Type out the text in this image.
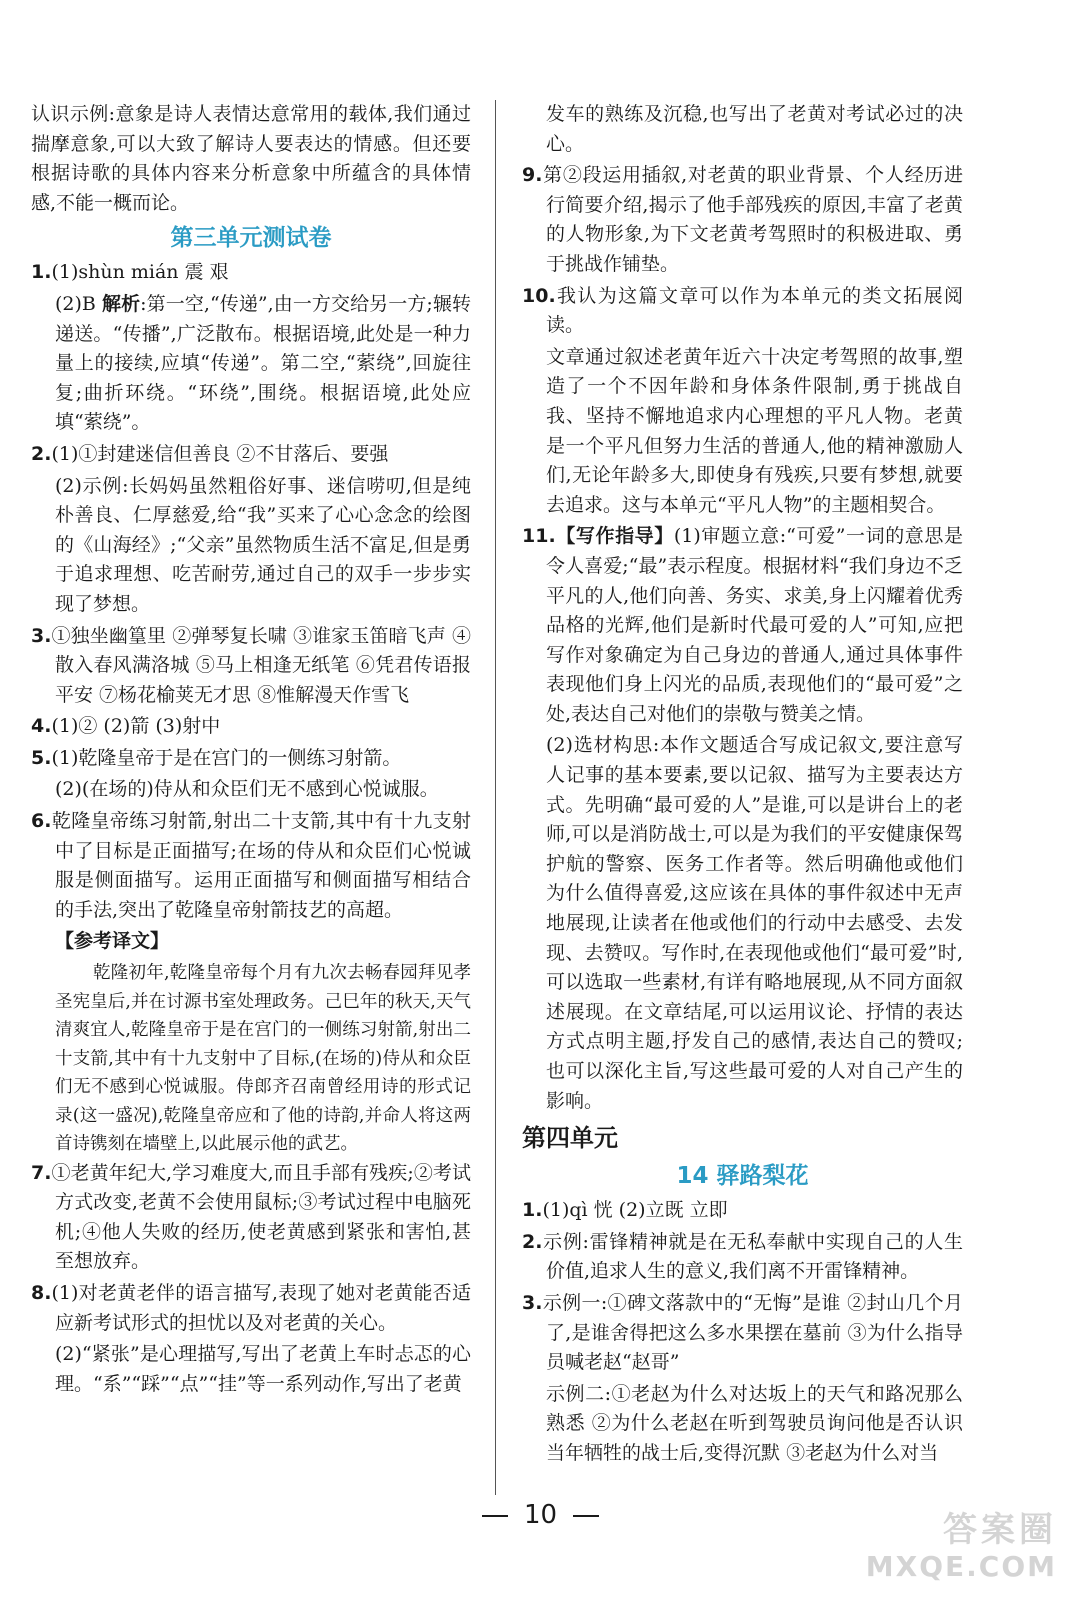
认识示例:意象是诗人表情达意常用的载体,我们通过揣摩意象,可以大致了解诗人要表达的情感。但还要根据诗歌的具体内容来分析意象中所蕴含的具体情感,不能一概而论。

第三单元测试卷

1.(1)shùn mián 震 艰

(2)B 解析:第一空,“传递”,由一方交给另一方;辗转递送。“传播”,广泛散布。根据语境,此处是一种力量上的接续,应填“传递”。第二空,“萦绕”,回旋往复;曲折环绕。“环绕”,围绕。根据语境,此处应填“萦绕”。

2.(1)①封建迷信但善良 ②不甘落后、要强

(2)示例:长妈妈虽然粗俗好事、迷信唠叨,但是纯朴善良、仁厚慈爱,给“我”买来了心心念念的绘图的《山海经》;“父亲”虽然物质生活不富足,但是勇于追求理想、吃苦耐劳,通过自己的双手一步步实现了梦想。

3.①独坐幽篁里 ②弹琴复长啸 ③谁家玉笛暗飞声 ④散入春风满洛城 ⑤马上相逢无纸笔 ⑥凭君传语报平安 ⑦杨花榆荚无才思 ⑧惟解漫天作雪飞

4.(1)② (2)箭 (3)射中

5.(1)乾隆皇帝于是在宫门的一侧练习射箭。

(2)(在场的)侍从和众臣们无不感到心悦诚服。

6.乾隆皇帝练习射箭,射出二十支箭,其中有十九支射中了目标是正面描写;在场的侍从和众臣们心悦诚服是侧面描写。运用正面描写和侧面描写相结合的手法,突出了乾隆皇帝射箭技艺的高超。

【参考译文】

乾隆初年,乾隆皇帝每个月有九次去畅春园拜见孝圣宪皇后,并在讨源书室处理政务。己巳年的秋天,天气清爽宜人,乾隆皇帝于是在宫门的一侧练习射箭,射出二十支箭,其中有十九支射中了目标,(在场的)侍从和众臣们无不感到心悦诚服。侍郎齐召南曾经用诗的形式记录(这一盛况),乾隆皇帝应和了他的诗韵,并命人将这两首诗镌刻在墙壁上,以此展示他的武艺。

7.①老黄年纪大,学习难度大,而且手部有残疾;②考试方式改变,老黄不会使用鼠标;③考试过程中电脑死机;④他人失败的经历,使老黄感到紧张和害怕,甚至想放弃。

8.(1)对老黄老伴的语言描写,表现了她对老黄能否适应新考试形式的担忧以及对老黄的关心。

(2)“紧张”是心理描写,写出了老黄上车时忐忑的心理。“系”“踩”“点”“挂”等一系列动作,写出了老黄

发车的熟练及沉稳,也写出了老黄对考试必过的决心。

9.第②段运用插叙,对老黄的职业背景、个人经历进行简要介绍,揭示了他手部残疾的原因,丰富了老黄的人物形象,为下文老黄考驾照时的积极进取、勇于挑战作铺垫。

10.我认为这篇文章可以作为本单元的类文拓展阅读。

文章通过叙述老黄年近六十决定考驾照的故事,塑造了一个不因年龄和身体条件限制,勇于挑战自我、坚持不懈地追求内心理想的平凡人物。老黄是一个平凡但努力生活的普通人,他的精神激励人们,无论年龄多大,即使身有残疾,只要有梦想,就要去追求。这与本单元“平凡人物”的主题相契合。

11.【写作指导】(1)审题立意:“可爱”一词的意思是令人喜爱;“最”表示程度。根据材料“我们身边不乏平凡的人,他们向善、务实、求美,身上闪耀着优秀品格的光辉,他们是新时代最可爱的人”可知,应把写作对象确定为自己身边的普通人,通过具体事件表现他们身上闪光的品质,表现他们的“最可爱”之处,表达自己对他们的崇敬与赞美之情。

(2)选材构思:本作文题适合写成记叙文,要注意写人记事的基本要素,要以记叙、描写为主要表达方式。先明确“最可爱的人”是谁,可以是讲台上的老师,可以是消防战士,可以是为我们的平安健康保驾护航的警察、医务工作者等。然后明确他或他们为什么值得喜爱,这应该在具体的事件叙述中无声地展现,让读者在他或他们的行动中去感受、去发现、去赞叹。写作时,在表现他或他们“最可爱”时,可以选取一些素材,有详有略地展现,从不同方面叙述展现。在文章结尾,可以运用议论、抒情的表达方式点明主题,抒发自己的感情,表达自己的赞叹;也可以深化主旨,写这些最可爱的人对自己产生的影响。

第四单元
14 驿路梨花

1.(1)qì 恍 (2)立既 立即

2.示例:雷锋精神就是在无私奉献中实现自己的人生价值,追求人生的意义,我们离不开雷锋精神。

3.示例一:①碑文落款中的“无悔”是谁 ②封山几个月了,是谁舍得把这么多水果摆在墓前 ③为什么指导员喊老赵“赵哥”

示例二:①老赵为什么对达坂上的天气和路况那么熟悉 ②为什么老赵在听到驾驶员询问他是否认识当年牺牲的战士后,变得沉默 ③老赵为什么对当

10	答案圈
MXQE.COM
